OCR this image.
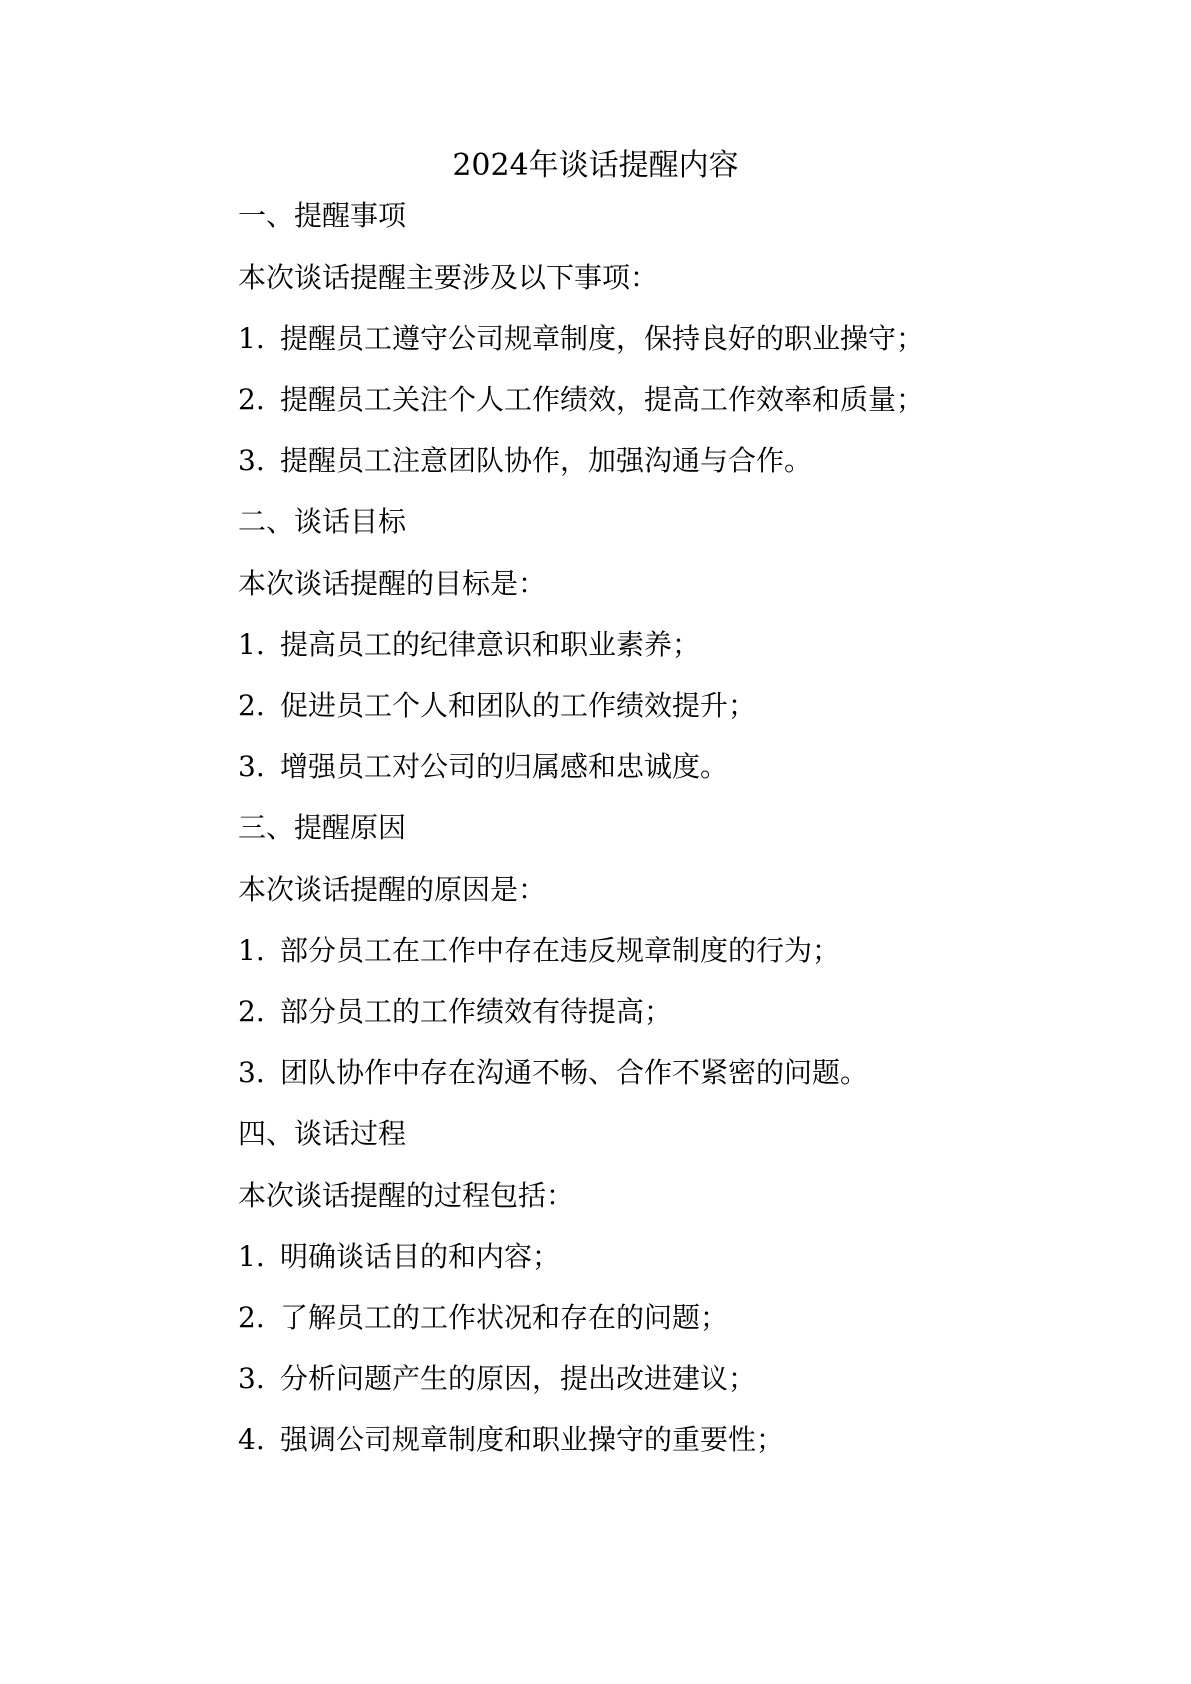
2024年谈话提醒内容
一、提醒事项
本次谈话提醒主要涉及以下事项：
1. 提醒员工遵守公司规章制度，保持良好的职业操守；
2. 提醒员工关注个人工作绩效，提高工作效率和质量；
3. 提醒员工注意团队协作，加强沟通与合作。
二、谈话目标
本次谈话提醒的目标是：
1. 提高员工的纪律意识和职业素养；
2. 促进员工个人和团队的工作绩效提升；
3. 增强员工对公司的归属感和忠诚度。
三、提醒原因
本次谈话提醒的原因是：
1. 部分员工在工作中存在违反规章制度的行为；
2. 部分员工的工作绩效有待提高；
3. 团队协作中存在沟通不畅、合作不紧密的问题。
四、谈话过程
本次谈话提醒的过程包括：
1. 明确谈话目的和内容；
2. 了解员工的工作状况和存在的问题；
3. 分析问题产生的原因，提出改进建议；
4. 强调公司规章制度和职业操守的重要性；
